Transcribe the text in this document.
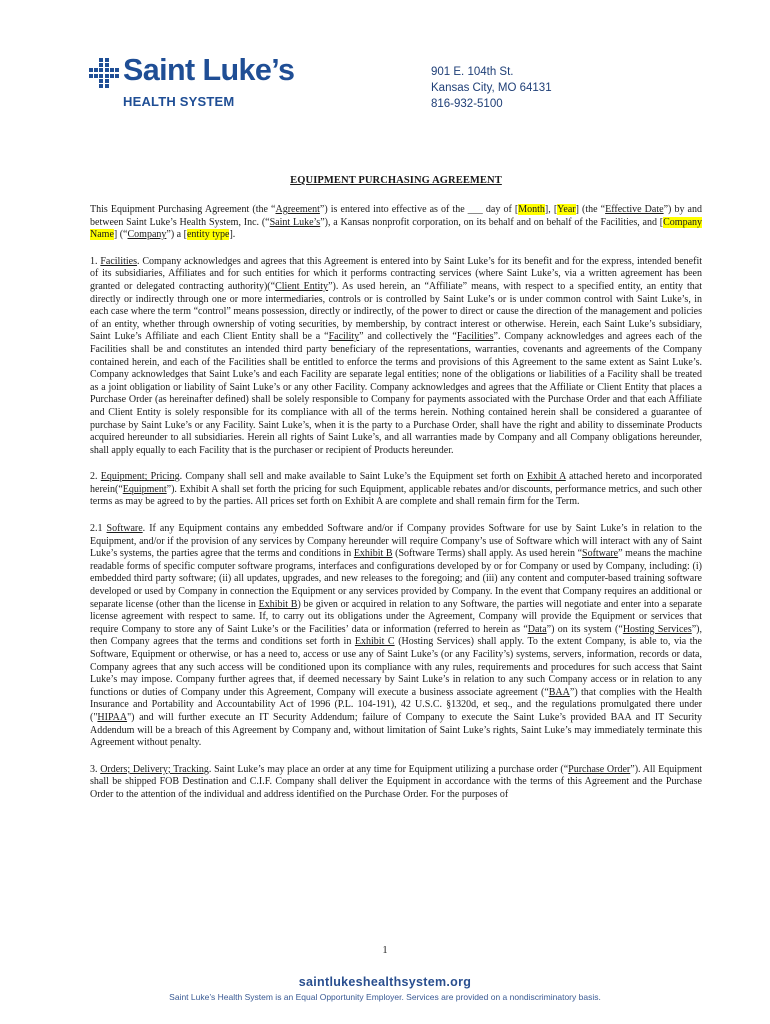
Saint Luke’s
HEALTH SYSTEM
901 E. 104th St.
Kansas City, MO 64131
816-932-5100
EQUIPMENT PURCHASING AGREEMENT

This Equipment Purchasing Agreement (the “Agreement”) is entered into effective as of the ___ day of [Month], [Year] (the “Effective Date”) by and between Saint Luke’s Health System, Inc. (“Saint Luke’s”), a Kansas nonprofit corporation, on its behalf and on behalf of the Facilities, and [Company Name] (“Company”) a [entity type].

1. Facilities. Company acknowledges and agrees that this Agreement is entered into by Saint Luke’s for its benefit and for the express, intended benefit of its subsidiaries, Affiliates and for such entities for which it performs contracting services (where Saint Luke’s, via a written agreement has been granted or delegated contracting authority)(“Client Entity”). As used herein, an “Affiliate” means, with respect to a specified entity, an entity that directly or indirectly through one or more intermediaries, controls or is controlled by Saint Luke’s or is under common control with Saint Luke’s, in each case where the term “control” means possession, directly or indirectly, of the power to direct or cause the direction of the management and policies of an entity, whether through ownership of voting securities, by membership, by contract interest or otherwise. Herein, each Saint Luke’s subsidiary, Saint Luke’s Affiliate and each Client Entity shall be a “Facility” and collectively the “Facilities”. Company acknowledges and agrees each of the Facilities shall be and constitutes an intended third party beneficiary of the representations, warranties, covenants and agreements of the Company contained herein, and each of the Facilities shall be entitled to enforce the terms and provisions of this Agreement to the same extent as Saint Luke’s. Company acknowledges that Saint Luke’s and each Facility are separate legal entities; none of the obligations or liabilities of a Facility shall be treated as a joint obligation or liability of Saint Luke’s or any other Facility. Company acknowledges and agrees that the Affiliate or Client Entity that places a Purchase Order (as hereinafter defined) shall be solely responsible to Company for payments associated with the Purchase Order and that each Affiliate and Client Entity is solely responsible for its compliance with all of the terms herein. Nothing contained herein shall be considered a guarantee of purchase by Saint Luke’s or any Facility. Saint Luke’s, when it is the party to a Purchase Order, shall have the right and ability to disseminate Products acquired hereunder to all subsidiaries. Herein all rights of Saint Luke’s, and all warranties made by Company and all Company obligations hereunder, shall apply equally to each Facility that is the purchaser or recipient of Products hereunder.

2. Equipment; Pricing. Company shall sell and make available to Saint Luke’s the Equipment set forth on Exhibit A attached hereto and incorporated herein(“Equipment”). Exhibit A shall set forth the pricing for such Equipment, applicable rebates and/or discounts, performance metrics, and such other terms as may be agreed to by the parties. All prices set forth on Exhibit A are complete and shall remain firm for the Term.

2.1 Software. If any Equipment contains any embedded Software and/or if Company provides Software for use by Saint Luke’s in relation to the Equipment, and/or if the provision of any services by Company hereunder will require Company’s use of Software which will interact with any of Saint Luke’s systems, the parties agree that the terms and conditions in Exhibit B (Software Terms) shall apply. As used herein “Software” means the machine readable forms of specific computer software programs, interfaces and configurations developed by or for Company or used by Company, including: (i) embedded third party software; (ii) all updates, upgrades, and new releases to the foregoing; and (iii) any content and computer-based training software developed or used by Company in connection the Equipment or any services provided by Company. In the event that Company requires an additional or separate license (other than the license in Exhibit B) be given or acquired in relation to any Software, the parties will negotiate and enter into a separate license agreement with respect to same. If, to carry out its obligations under the Agreement, Company will provide the Equipment or services that require Company to store any of Saint Luke’s or the Facilities’ data or information (referred to herein as “Data”) on its system (“Hosting Services”), then Company agrees that the terms and conditions set forth in Exhibit C (Hosting Services) shall apply. To the extent Company, is able to, via the Software, Equipment or otherwise, or has a need to, access or use any of Saint Luke’s (or any Facility’s) systems, servers, information, records or data, Company agrees that any such access will be conditioned upon its compliance with any rules, requirements and procedures for such access that Saint Luke’s may impose. Company further agrees that, if deemed necessary by Saint Luke’s in relation to any such Company access or in relation to any functions or duties of Company under this Agreement, Company will execute a business associate agreement (“BAA”) that complies with the Health Insurance and Portability and Accountability Act of 1996 (P.L. 104-191), 42 U.S.C. §1320d, et seq., and the regulations promulgated there under ("HIPAA") and will further execute an IT Security Addendum; failure of Company to execute the Saint Luke’s provided BAA and IT Security Addendum will be a breach of this Agreement by Company and, without limitation of Saint Luke’s rights, Saint Luke’s may immediately terminate this Agreement without penalty.

3. Orders; Delivery; Tracking. Saint Luke’s may place an order at any time for Equipment utilizing a purchase order (“Purchase Order”). All Equipment shall be shipped FOB Destination and C.I.F. Company shall deliver the Equipment in accordance with the terms of this Agreement and the Purchase Order to the attention of the individual and address identified on the Purchase Order. For the purposes of

1
saintlukeshealthsystem.org
Saint Luke’s Health System is an Equal Opportunity Employer. Services are provided on a nondiscriminatory basis.
